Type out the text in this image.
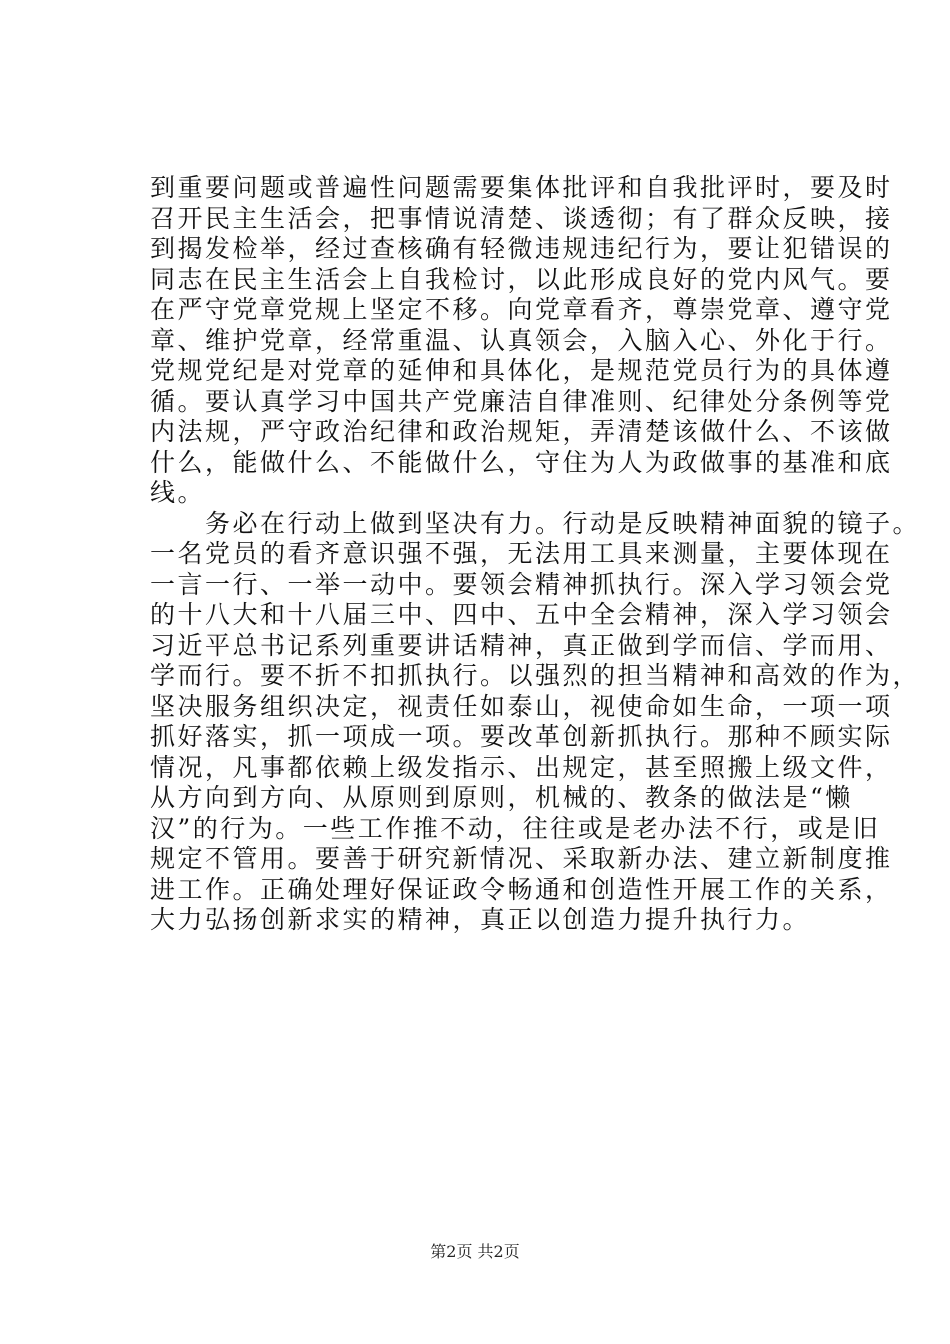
到重要问题或普遍性问题需要集体批评和自我批评时，要及时
召开民主生活会，把事情说清楚、谈透彻；有了群众反映，接
到揭发检举，经过查核确有轻微违规违纪行为，要让犯错误的
同志在民主生活会上自我检讨，以此形成良好的党内风气。要
在严守党章党规上坚定不移。向党章看齐，尊崇党章、遵守党
章、维护党章，经常重温、认真领会，入脑入心、外化于行。
党规党纪是对党章的延伸和具体化，是规范党员行为的具体遵
循。要认真学习中国共产党廉洁自律准则、纪律处分条例等党
内法规，严守政治纪律和政治规矩，弄清楚该做什么、不该做
什么，能做什么、不能做什么，守住为人为政做事的基准和底
线。
　　务必在行动上做到坚决有力。行动是反映精神面貌的镜子。
一名党员的看齐意识强不强，无法用工具来测量，主要体现在
一言一行、一举一动中。要领会精神抓执行。深入学习领会党
的十八大和十八届三中、四中、五中全会精神，深入学习领会
习近平总书记系列重要讲话精神，真正做到学而信、学而用、
学而行。要不折不扣抓执行。以强烈的担当精神和高效的作为，
坚决服务组织决定，视责任如泰山，视使命如生命，一项一项
抓好落实，抓一项成一项。要改革创新抓执行。那种不顾实际
情况，凡事都依赖上级发指示、出规定，甚至照搬上级文件，
从方向到方向、从原则到原则，机械的、教条的做法是“懒
汉”的行为。一些工作推不动，往往或是老办法不行，或是旧
规定不管用。要善于研究新情况、采取新办法、建立新制度推
进工作。正确处理好保证政令畅通和创造性开展工作的关系，
大力弘扬创新求实的精神，真正以创造力提升执行力。
第2页 共2页
